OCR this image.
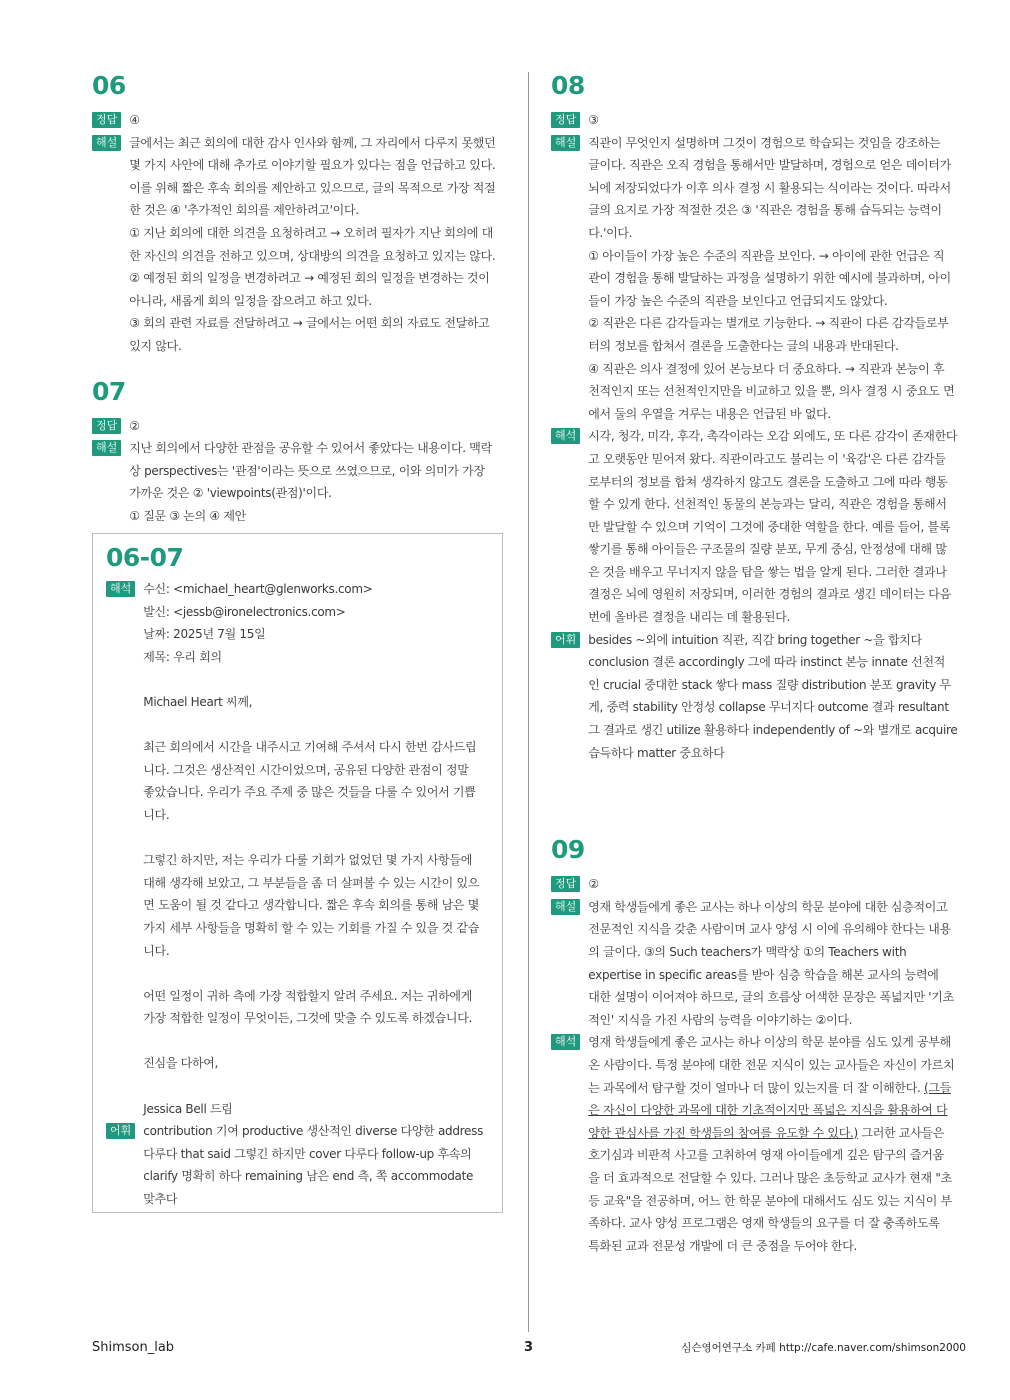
06
정답	④
해설	글에서는 최근 회의에 대한 감사 인사와 함께, 그 자리에서 다루지 못했던

몇 가지 사안에 대해 추가로 이야기할 필요가 있다는 점을 언급하고 있다.

이를 위해 짧은 후속 회의를 제안하고 있으므로, 글의 목적으로 가장 적절

한 것은 ④ '추가적인 회의를 제안하려고'이다.

① 지난 회의에 대한 의견을 요청하려고 → 오히려 필자가 지난 회의에 대

한 자신의 의견을 전하고 있으며, 상대방의 의견을 요청하고 있지는 않다.

② 예정된 회의 일정을 변경하려고 → 예정된 회의 일정을 변경하는 것이

아니라, 새롭게 회의 일정을 잡으려고 하고 있다.

③ 회의 관련 자료를 전달하려고 → 글에서는 어떤 회의 자료도 전달하고

있지 않다.

07
정답	②
해설	지난 회의에서 다양한 관점을 공유할 수 있어서 좋았다는 내용이다. 맥락

상 perspectives는 '관점'이라는 뜻으로 쓰였으므로, 이와 의미가 가장

가까운 것은 ② 'viewpoints(관점)'이다.

① 질문 ③ 논의 ④ 제안

06-07
해석	수신: <michael_heart@glenworks.com>

발신: <jessb@ironelectronics.com>

날짜: 2025년 7월 15일

제목: 우리 회의

Michael Heart 씨께,

최근 회의에서 시간을 내주시고 기여해 주셔서 다시 한번 감사드립

니다. 그것은 생산적인 시간이었으며, 공유된 다양한 관점이 정말

좋았습니다. 우리가 주요 주제 중 많은 것들을 다룰 수 있어서 기쁩

니다.

그렇긴 하지만, 저는 우리가 다룰 기회가 없었던 몇 가지 사항들에

대해 생각해 보았고, 그 부분들을 좀 더 살펴볼 수 있는 시간이 있으

면 도움이 될 것 같다고 생각합니다. 짧은 후속 회의를 통해 남은 몇

가지 세부 사항들을 명확히 할 수 있는 기회를 가질 수 있을 것 같습

니다.

어떤 일정이 귀하 측에 가장 적합할지 알려 주세요. 저는 귀하에게

가장 적합한 일정이 무엇이든, 그것에 맞출 수 있도록 하겠습니다.

진심을 다하여,

Jessica Bell 드림

어휘	contribution 기여 productive 생산적인 diverse 다양한 address

다루다 that said 그렇긴 하지만 cover 다루다 follow-up 후속의

clarify 명확히 하다 remaining 남은 end 측, 쪽 accommodate

맞추다

08
정답	③
해설	직관이 무엇인지 설명하며 그것이 경험으로 학습되는 것임을 강조하는

글이다. 직관은 오직 경험을 통해서만 발달하며, 경험으로 얻은 데이터가

뇌에 저장되었다가 이후 의사 결정 시 활용되는 식이라는 것이다. 따라서

글의 요지로 가장 적절한 것은 ③ '직관은 경험을 통해 습득되는 능력이

다.'이다.

① 아이들이 가장 높은 수준의 직관을 보인다. → 아이에 관한 언급은 직

관이 경험을 통해 발달하는 과정을 설명하기 위한 예시에 불과하며, 아이

들이 가장 높은 수준의 직관을 보인다고 언급되지도 않았다.

② 직관은 다른 감각들과는 별개로 기능한다. → 직관이 다른 감각들로부

터의 정보를 합쳐서 결론을 도출한다는 글의 내용과 반대된다.

④ 직관은 의사 결정에 있어 본능보다 더 중요하다. → 직관과 본능이 후

천적인지 또는 선천적인지만을 비교하고 있을 뿐, 의사 결정 시 중요도 면

에서 둘의 우열을 겨루는 내용은 언급된 바 없다.

해석	시각, 청각, 미각, 후각, 촉각이라는 오감 외에도, 또 다른 감각이 존재한다

고 오랫동안 믿어져 왔다. 직관이라고도 불리는 이 '육감'은 다른 감각들

로부터의 정보를 합쳐 생각하지 않고도 결론을 도출하고 그에 따라 행동

할 수 있게 한다. 선천적인 동물의 본능과는 달리, 직관은 경험을 통해서

만 발달할 수 있으며 기억이 그것에 중대한 역할을 한다. 예를 들어, 블록

쌓기를 통해 아이들은 구조물의 질량 분포, 무게 중심, 안정성에 대해 많

은 것을 배우고 무너지지 않을 탑을 쌓는 법을 알게 된다. 그러한 결과나

결정은 뇌에 영원히 저장되며, 이러한 경험의 결과로 생긴 데이터는 다음

번에 올바른 결정을 내리는 데 활용된다.

어휘	besides ~외에 intuition 직관, 직감 bring together ~을 합치다

conclusion 결론 accordingly 그에 따라 instinct 본능 innate 선천적

인 crucial 중대한 stack 쌓다 mass 질량 distribution 분포 gravity 무

게, 중력 stability 안정성 collapse 무너지다 outcome 결과 resultant

그 결과로 생긴 utilize 활용하다 independently of ~와 별개로 acquire

습득하다 matter 중요하다

09
정답	②
해설	영재 학생들에게 좋은 교사는 하나 이상의 학문 분야에 대한 심층적이고

전문적인 지식을 갖춘 사람이며 교사 양성 시 이에 유의해야 한다는 내용

의 글이다. ③의 Such teachers가 맥락상 ①의 Teachers with

expertise in specific areas를 받아 심층 학습을 해본 교사의 능력에

대한 설명이 이어져야 하므로, 글의 흐름상 어색한 문장은 폭넓지만 '기초

적인' 지식을 가진 사람의 능력을 이야기하는 ②이다.

해석	영재 학생들에게 좋은 교사는 하나 이상의 학문 분야를 심도 있게 공부해

온 사람이다. 특정 분야에 대한 전문 지식이 있는 교사들은 자신이 가르치

는 과목에서 탐구할 것이 얼마나 더 많이 있는지를 더 잘 이해한다. (그들

은 자신이 다양한 과목에 대한 기초적이지만 폭넓은 지식을 활용하여 다

양한 관심사를 가진 학생들의 참여를 유도할 수 있다.) 그러한 교사들은

호기심과 비판적 사고를 고취하여 영재 아이들에게 깊은 탐구의 즐거움

을 더 효과적으로 전달할 수 있다. 그러나 많은 초등학교 교사가 현재 "초

등 교육"을 전공하며, 어느 한 학문 분야에 대해서도 심도 있는 지식이 부

족하다. 교사 양성 프로그램은 영재 학생들의 요구를 더 잘 충족하도록

특화된 교과 전문성 개발에 더 큰 중점을 두어야 한다.

Shimson_lab	3	심슨영어연구소 카페 http://cafe.naver.com/shimson2000
